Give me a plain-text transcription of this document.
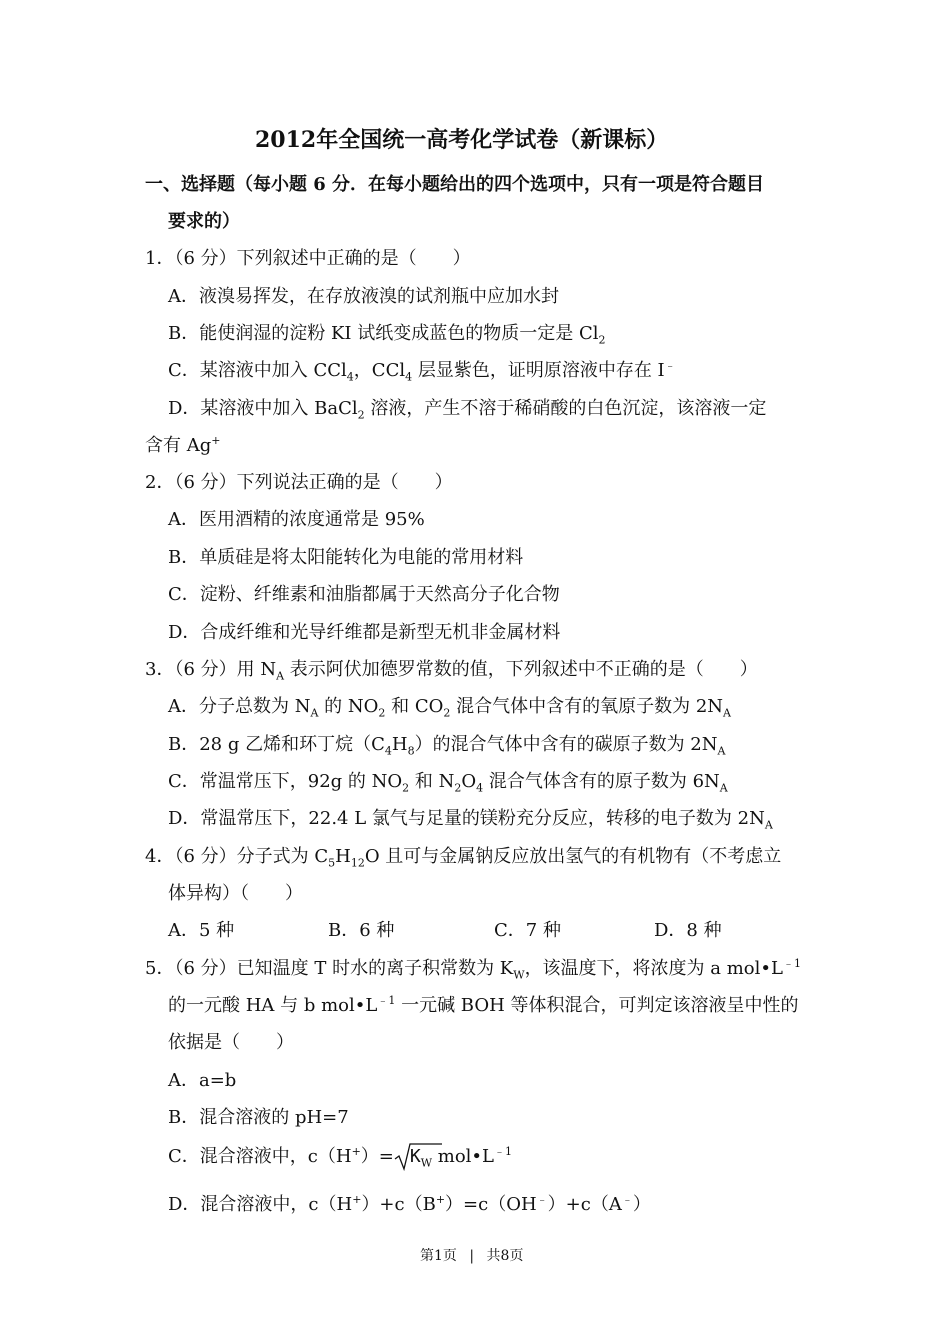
2012年全国统一高考化学试卷（新课标）
一、选择题（每小题 6 分．在每小题给出的四个选项中，只有一项是符合题目
要求的）
1．（6 分）下列叙述中正确的是（　　）
A．液溴易挥发，在存放液溴的试剂瓶中应加水封
B．能使润湿的淀粉 KI 试纸变成蓝色的物质一定是 $Cl_2$
C．某溶液中加入 CCl$_4$，CCl$_4$ 层显紫色，证明原溶液中存在 I﹣
D．某溶液中加入 BaCl$_2$ 溶液，产生不溶于稀硝酸的白色沉淀，该溶液一定
含有 Ag+
2．（6 分）下列说法正确的是（　　）
A．医用酒精的浓度通常是 95%
B．单质硅是将太阳能转化为电能的常用材料
C．淀粉、纤维素和油脂都属于天然高分子化合物
D．合成纤维和光导纤维都是新型无机非金属材料
3．（6 分）用 $N_A$ 表示阿伏加德罗常数的值，下列叙述中不正确的是（　　）
A．分子总数为 $N_A$ 的 $NO_2$ 和 $CO_2$ 混合气体中含有的氧原子数为 $2N_A$
B．28 g 乙烯和环丁烷$(C_4H_8)$的混合气体中含有的碳原子数为 $2N_A$
C．常温常压下，92g 的 $NO_2$ 和 $N_2O_4$ 混合气体含有的原子数为 $6N_A$
D．常温常压下，22.4 L 氯气与足量的镁粉充分反应，转移的电子数为 $2N_A$
4．（6 分）分子式为 $C_5H_{12}O$ 且可与金属钠反应放出氢气的有机物有（不考虑立
体异构）（　　）
A．5 种	B．6 种	C．7 种	D．8 种
5．（6 分）已知温度 T 时水的离子积常数为 $K_W$，该温度下，将浓度为 a $mol•L^{﹣1}$
的一元酸 HA 与 b $mol•L^{﹣1}$ 一元碱 BOH 等体积混合，可判定该溶液呈中性的
依据是（　　）
A．a=b
B．混合溶液的 pH=7
C．混合溶液中，$c(H^+)= K_W$ $mol•L^{﹣1}$
D．混合溶液中，c（H+）+c（B+）=c（OH﹣）+c（A﹣）
第1页 | 共8页
